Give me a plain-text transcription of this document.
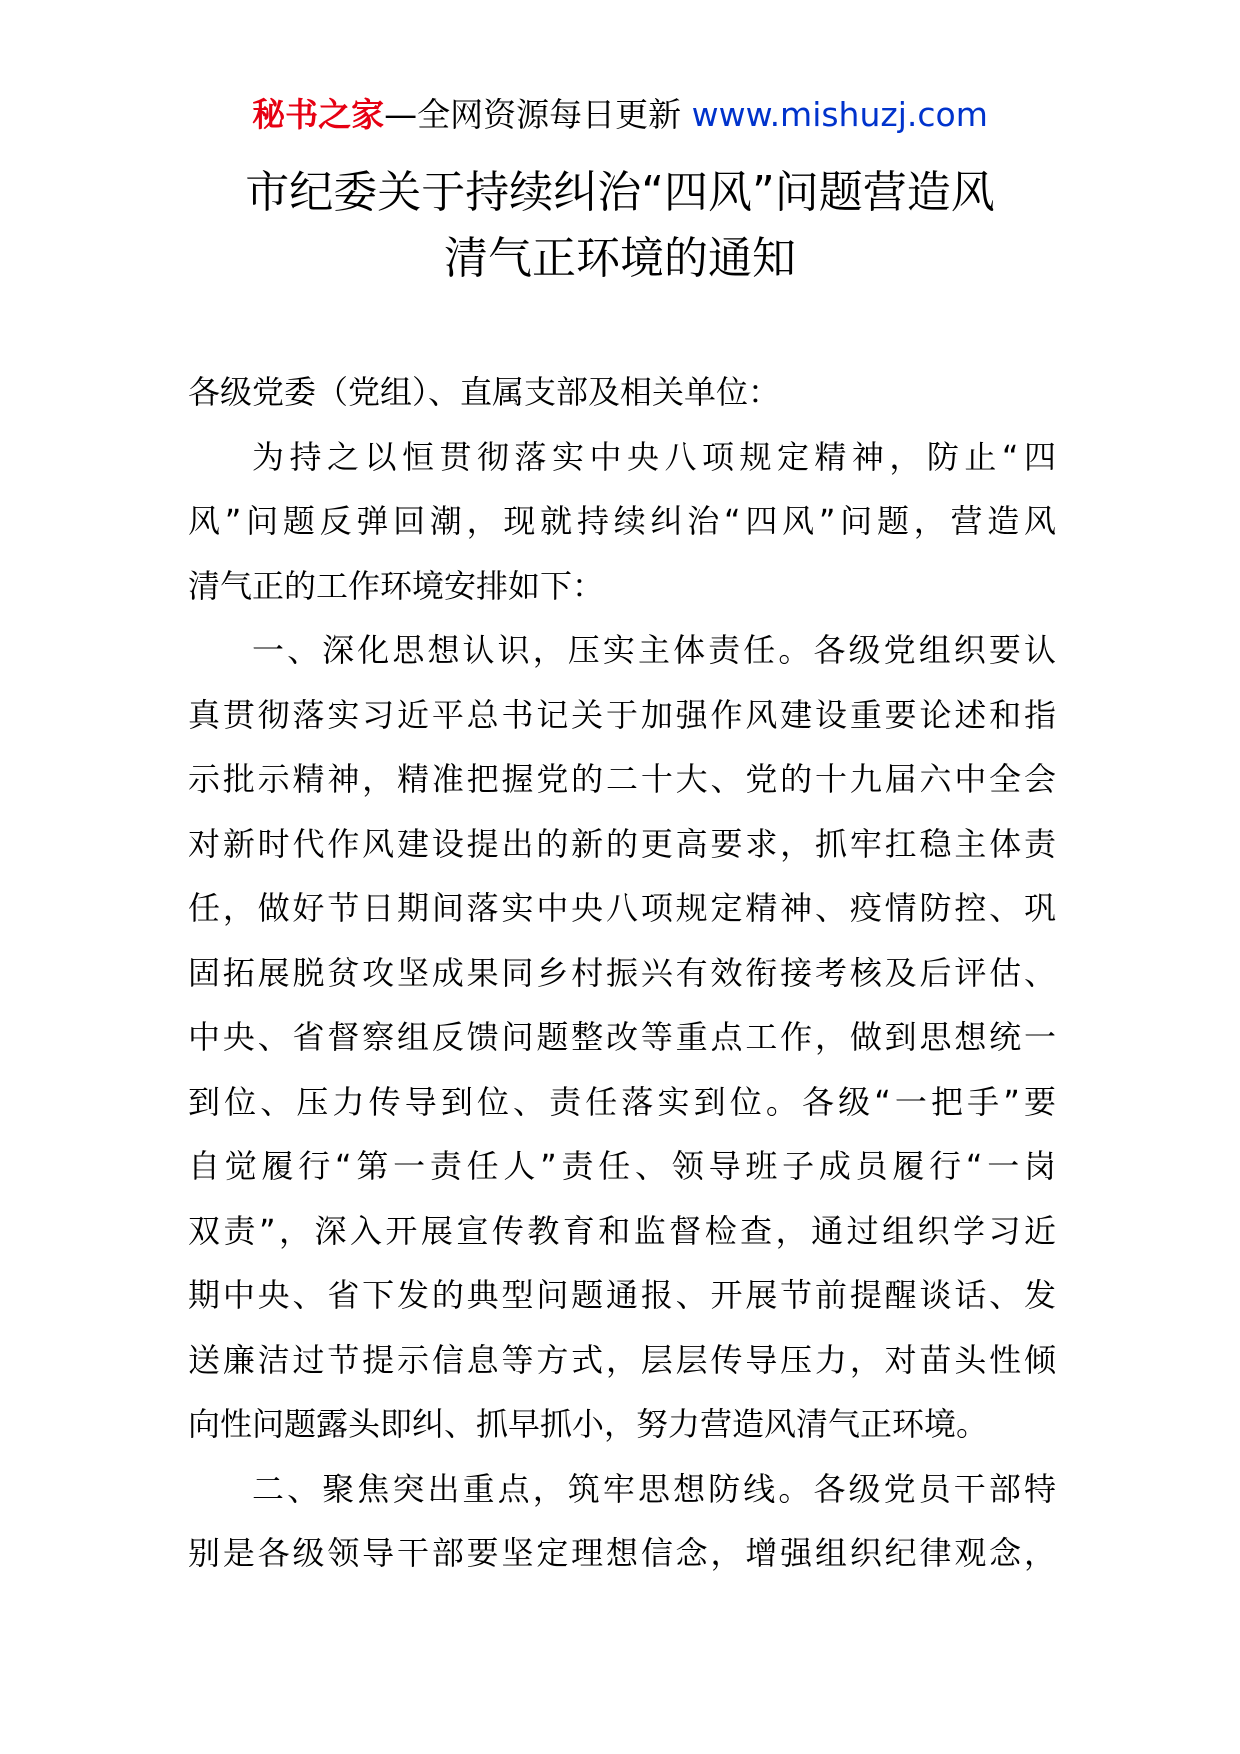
秘书之家—全网资源每日更新 www.mishuzj.com
市纪委关于持续纠治“四风”问题营造风
清气正环境的通知
各级党委（党组）、直属支部及相关单位：
为持之以恒贯彻落实中央八项规定精神，防止“四
风”问题反弹回潮，现就持续纠治“四风”问题，营造风
清气正的工作环境安排如下：
一、深化思想认识，压实主体责任。各级党组织要认
真贯彻落实习近平总书记关于加强作风建设重要论述和指
示批示精神，精准把握党的二十大、党的十九届六中全会
对新时代作风建设提出的新的更高要求，抓牢扛稳主体责
任，做好节日期间落实中央八项规定精神、疫情防控、巩
固拓展脱贫攻坚成果同乡村振兴有效衔接考核及后评估、
中央、省督察组反馈问题整改等重点工作，做到思想统一
到位、压力传导到位、责任落实到位。各级“一把手”要
自觉履行“第一责任人”责任、领导班子成员履行“一岗
双责”，深入开展宣传教育和监督检查，通过组织学习近
期中央、省下发的典型问题通报、开展节前提醒谈话、发
送廉洁过节提示信息等方式，层层传导压力，对苗头性倾
向性问题露头即纠、抓早抓小，努力营造风清气正环境。
二、聚焦突出重点，筑牢思想防线。各级党员干部特
别是各级领导干部要坚定理想信念，增强组织纪律观念，
